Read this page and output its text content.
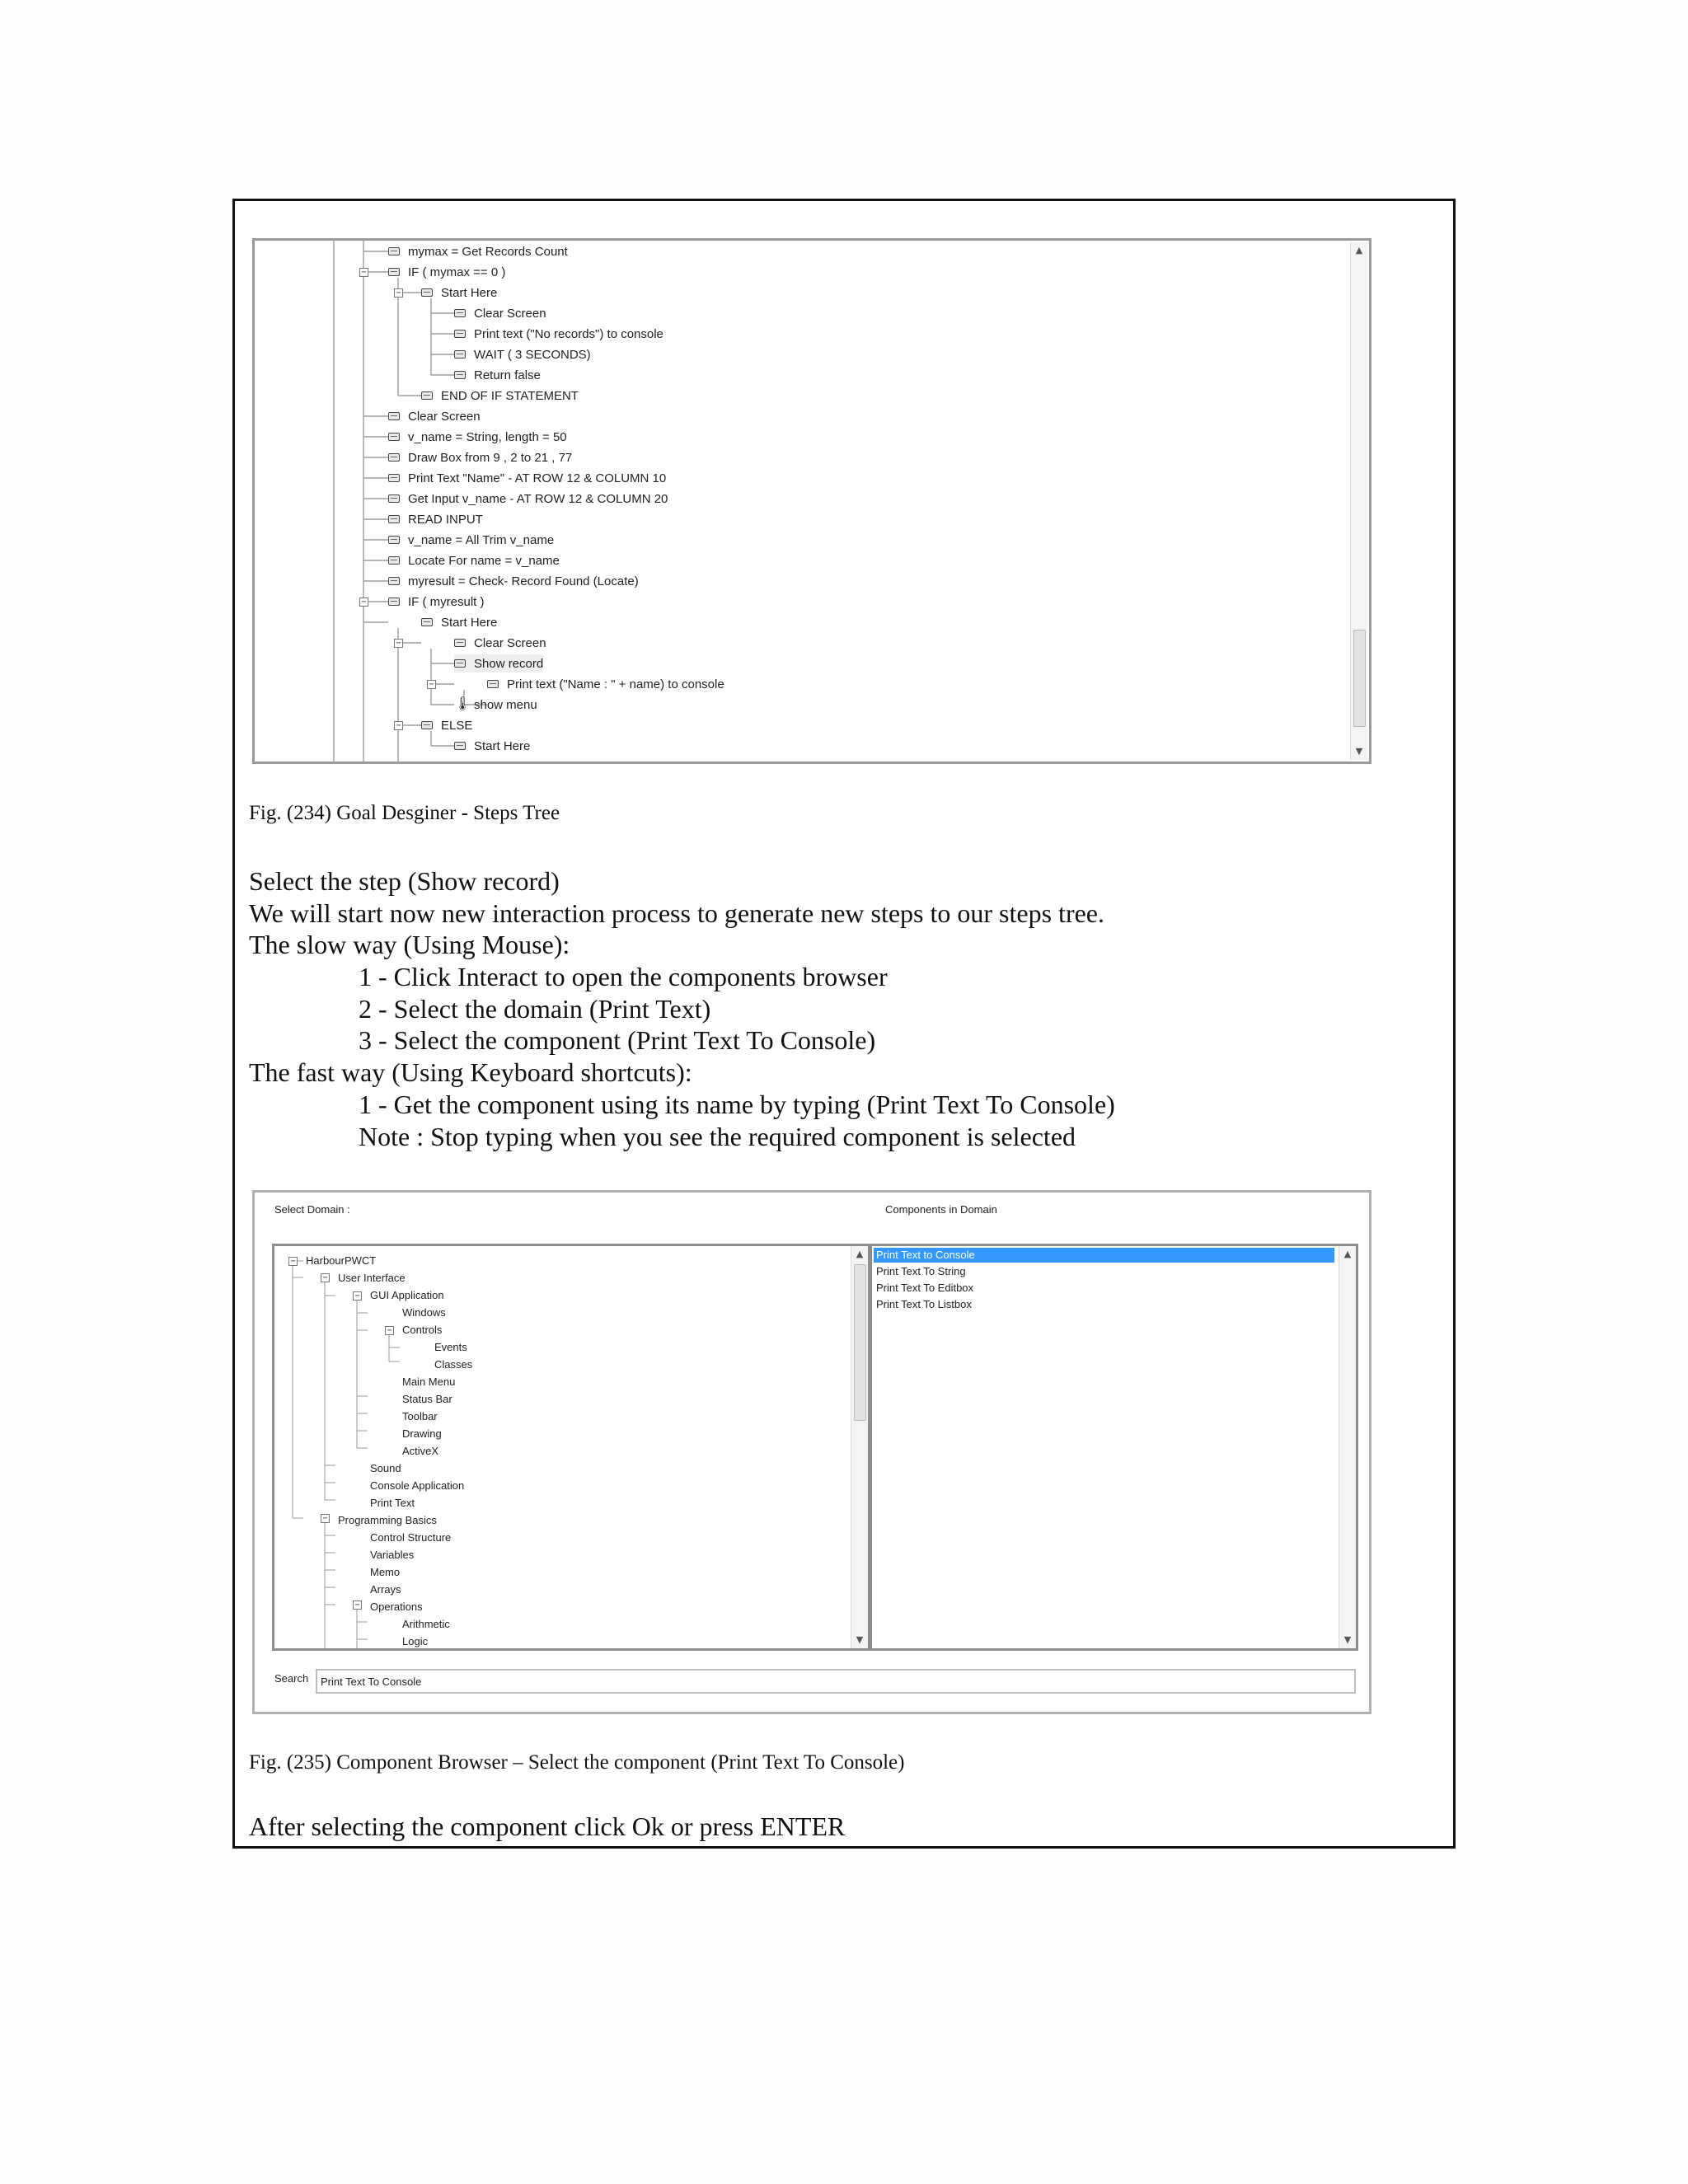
−
−
−
−
−
−
mymax = Get Records Count
IF ( mymax == 0 )
Start Here
Clear Screen
Print text ("No records") to console
WAIT ( 3 SECONDS)
Return false
END OF IF STATEMENT
Clear Screen
v_name = String, length = 50
Draw Box from 9 , 2 to 21 , 77
Print Text "Name" - AT ROW 12 & COLUMN 10
Get Input v_name - AT ROW 12 & COLUMN 20
READ INPUT
v_name = All Trim v_name
Locate For name = v_name
myresult = Check- Record Found (Locate)
IF ( myresult )
Start Here
Clear Screen
Show record
Print text ("Name : " + name) to console
🌡 show menu
ELSE
Start Here
▲
▼
Fig. (234) Goal Desginer - Steps Tree
Select the step (Show record)
We will start now new interaction process to generate new steps to our steps tree.
The slow way (Using Mouse):
1 - Click Interact to open the components browser
2 - Select the domain (Print Text)
3 - Select the component (Print Text To Console)
The fast way (Using Keyboard shortcuts):
1 - Get the component using its name by typing (Print Text To Console)
Note : Stop typing when you see the required component is selected
Select Domain :	Components in Domain
−
−
−
−
−
−
HarbourPWCT
User Interface
GUI Application
Windows
Controls
Events
Classes
Main Menu
Status Bar
Toolbar
Drawing
ActiveX
Sound
Console Application
Print Text
Programming Basics
Control Structure
Variables
Memo
Arrays
Operations
Arithmetic
Logic
▲
▼
Print Text to Console
Print Text To String
Print Text To Editbox
Print Text To Listbox
▲
▼
Search
Print Text To Console
Fig. (235) Component Browser – Select the component (Print Text To Console)
After selecting the component click Ok or press ENTER
